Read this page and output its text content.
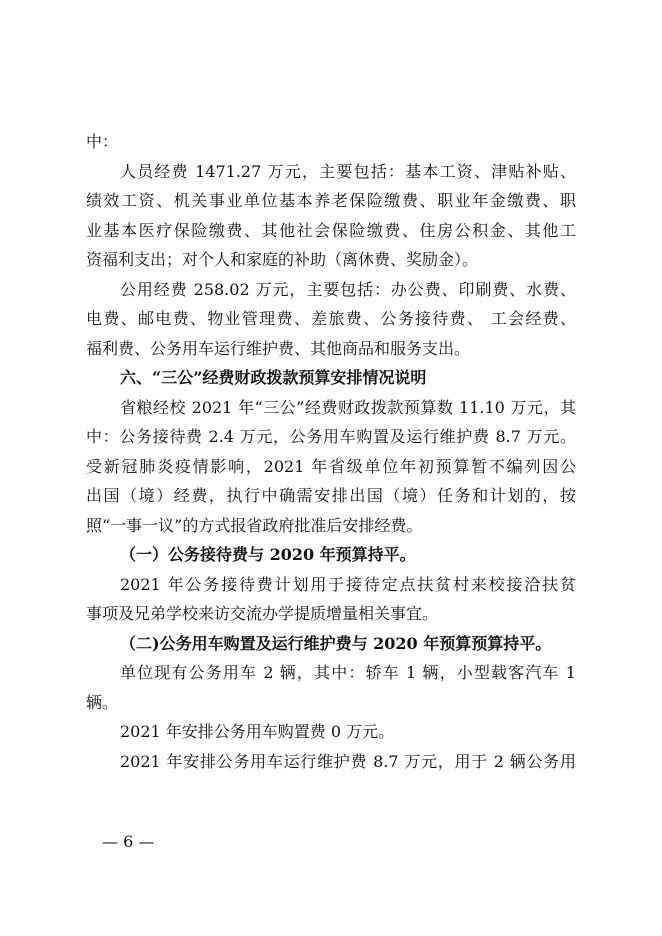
中：
人员经费 1471.27 万元，主要包括：基本工资、津贴补贴、
绩效工资、机关事业单位基本养老保险缴费、职业年金缴费、职
业基本医疗保险缴费、其他社会保险缴费、住房公积金、其他工
资福利支出；对个人和家庭的补助（离休费、奖励金）。
公用经费 258.02 万元，主要包括：办公费、印刷费、水费、
电费、邮电费、物业管理费、差旅费、公务接待费、 工会经费、
福利费、公务用车运行维护费、其他商品和服务支出。
六、“三公”经费财政拨款预算安排情况说明
省粮经校 2021 年“三公”经费财政拨款预算数 11.10 万元，其
中：公务接待费 2.4 万元，公务用车购置及运行维护费 8.7 万元。
受新冠肺炎疫情影响，2021 年省级单位年初预算暂不编列因公
出国（境）经费，执行中确需安排出国（境）任务和计划的，按
照“一事一议”的方式报省政府批准后安排经费。
（一）公务接待费与 2020 年预算持平。
2021 年公务接待费计划用于接待定点扶贫村来校接洽扶贫
事项及兄弟学校来访交流办学提质增量相关事宜。
（二)公务用车购置及运行维护费与 2020 年预算预算持平。
单位现有公务用车 2 辆，其中：轿车 1 辆，小型载客汽车 1
辆。
2021 年安排公务用车购置费 0 万元。
2021 年安排公务用车运行维护费 8.7 万元，用于 2 辆公务用
— 6 —
